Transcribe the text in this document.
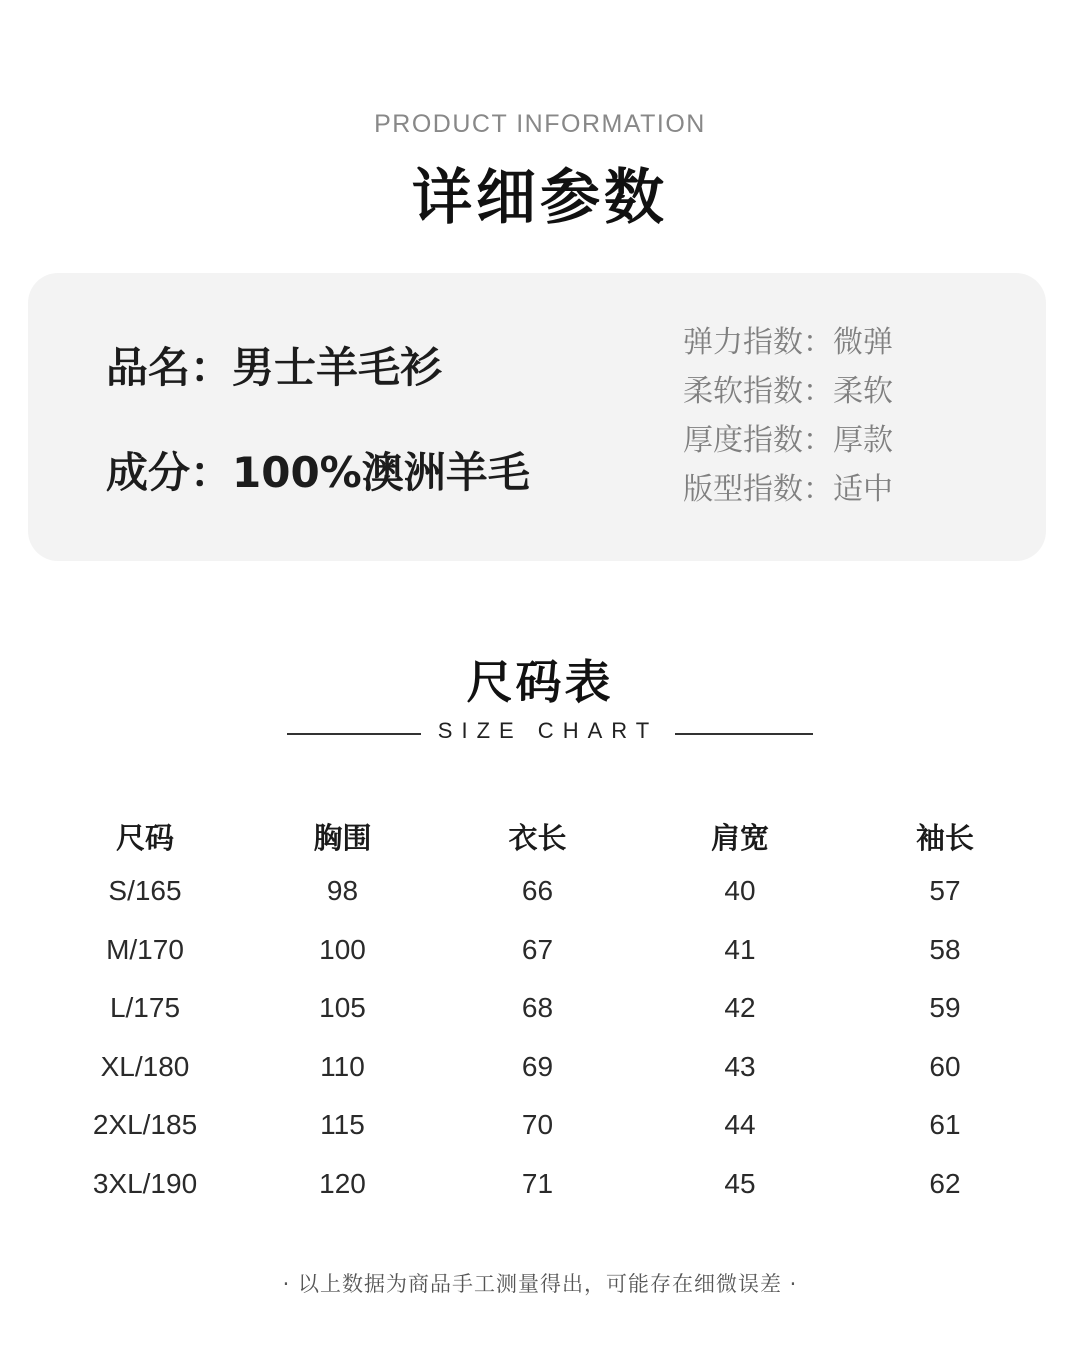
PRODUCT INFORMATION
详细参数
品名：男士羊毛衫
成分：100%澳洲羊毛
弹力指数：微弹
柔软指数：柔软
厚度指数：厚款
版型指数：适中
尺码表
SIZE CHART
尺码	胸围	衣长	肩宽	袖长
S/165	98	66	40	57
M/170	100	67	41	58
L/175	105	68	42	59
XL/180	110	69	43	60
2XL/185	115	70	44	61
3XL/190	120	71	45	62
· 以上数据为商品手工测量得出，可能存在细微误差 ·
